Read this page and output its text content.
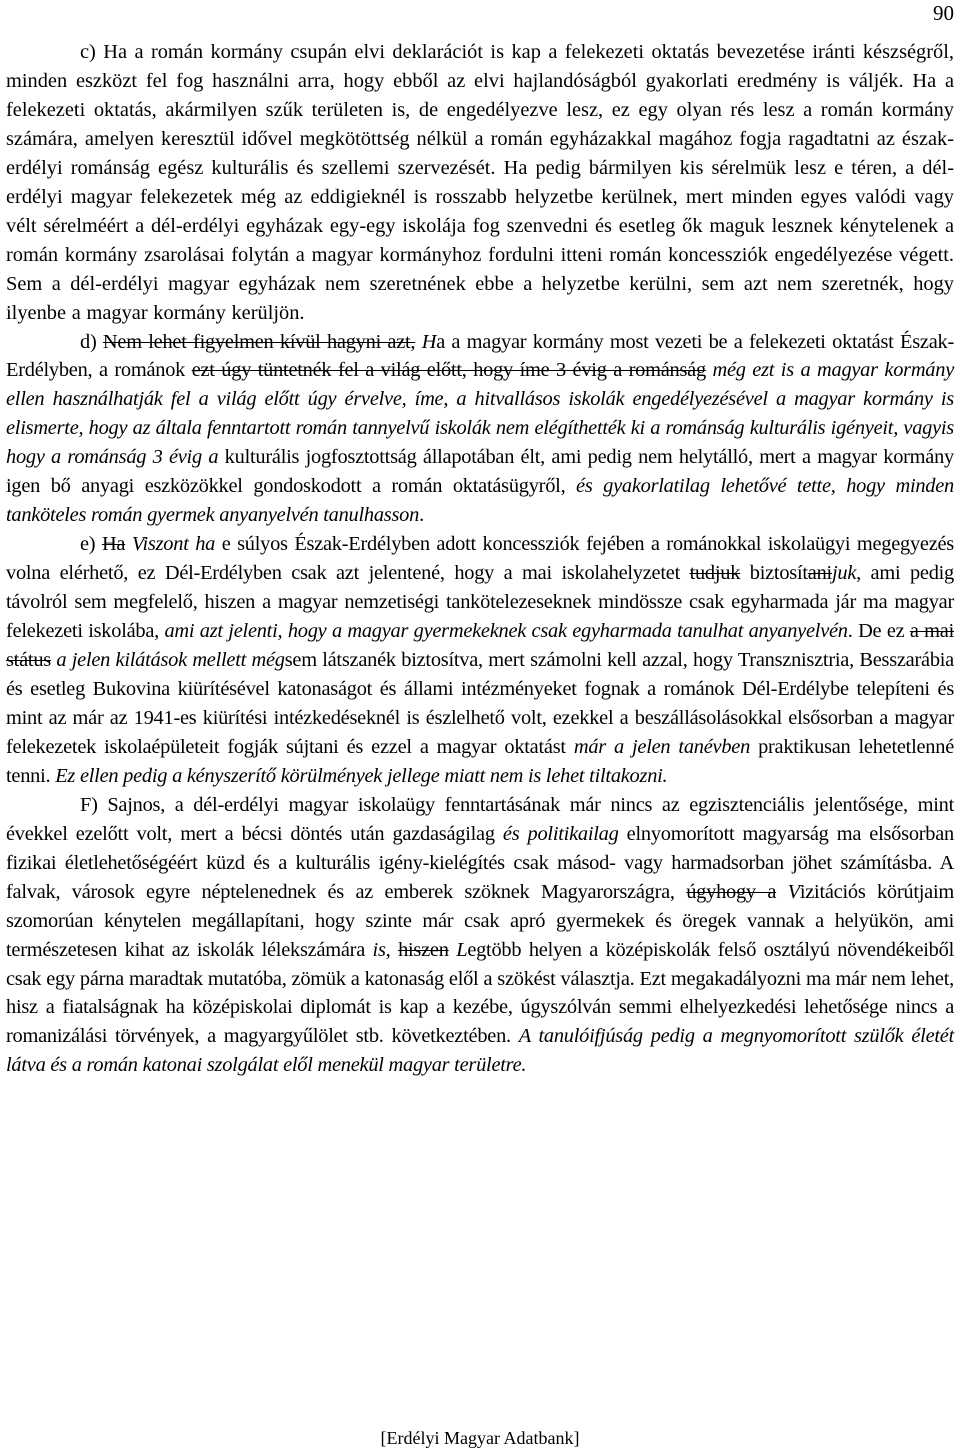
90

c) Ha a román kormány csupán elvi deklarációt is kap a felekezeti oktatás bevezetése iránti készségről, minden eszközt fel fog használni arra, hogy ebből az elvi hajlandóságból gyakorlati eredmény is váljék. Ha a felekezeti oktatás, akármilyen szűk területen is, de engedélyezve lesz, ez egy olyan rés lesz a román kormány számára, amelyen keresztül idővel megkötöttség nélkül a román egyházakkal magához fogja ragadtatni az észak-erdélyi románság egész kulturális és szellemi szervezését. Ha pedig bármilyen kis sérelmük lesz e téren, a dél-erdélyi magyar felekezetek még az eddigieknél is rosszabb helyzetbe kerülnek, mert minden egyes valódi vagy vélt sérelméért a dél-erdélyi egyházak egy-egy iskolája fog szenvedni és esetleg ők maguk lesznek kénytelenek a román kormány zsarolásai folytán a magyar kormányhoz fordulni itteni román koncessziók engedélyezése végett. Sem a dél-erdélyi magyar egyházak nem szeretnének ebbe a helyzetbe kerülni, sem azt nem szeretnék, hogy ilyenbe a magyar kormány kerüljön.

d) Nem lehet figyelmen kívül hagyni azt, Ha a magyar kormány most vezeti be a felekezeti oktatást Észak-Erdélyben, a románok ezt úgy tüntetnék fel a világ előtt, hogy íme 3 évig a románság még ezt is a magyar kormány ellen használhatják fel a világ előtt úgy érvelve, íme, a hitvallásos iskolák engedélyezésével a magyar kormány is elismerte, hogy az általa fenntartott román tannyelvű iskolák nem elégíthették ki a románság kulturális igényeit, vagyis hogy a románság 3 évig a kulturális jogfosztottság állapotában élt, ami pedig nem helytálló, mert a magyar kormány igen bő anyagi eszközökkel gondoskodott a román oktatásügyről, és gyakorlatilag lehetővé tette, hogy minden tanköteles román gyermek anyanyelvén tanulhasson.

e) Ha Viszont ha e súlyos Észak-Erdélyben adott koncessziók fejében a románokkal iskolaügyi megegyezés volna elérhető, ez Dél-Erdélyben csak azt jelentené, hogy a mai iskolahelyzetet tudjuk biztosítanijuk, ami pedig távolról sem megfelelő, hiszen a magyar nemzetiségi tankötelezeseknek mindössze csak egyharmada jár ma magyar felekezeti iskolába, ami azt jelenti, hogy a magyar gyermekeknek csak egyharmada tanulhat anyanyelvén. De ez a mai státus a jelen kilátások mellett mégsem látszanék biztosítva, mert számolni kell azzal, hogy Transznisztria, Besszarábia és esetleg Bukovina kiürítésével katonaságot és állami intézményeket fognak a románok Dél-Erdélybe telepíteni és mint az már az 1941-es kiürítési intézkedéseknél is észlelhető volt, ezekkel a beszállásolásokkal elsősorban a magyar felekezetek iskolaépületeit fogják sújtani és ezzel a magyar oktatást már a jelen tanévben praktikusan lehetetlenné tenni. Ez ellen pedig a kényszerítő körülmények jellege miatt nem is lehet tiltakozni.

F) Sajnos, a dél-erdélyi magyar iskolaügy fenntartásának már nincs az egzisztenciális jelentősége, mint évekkel ezelőtt volt, mert a bécsi döntés után gazdaságilag és politikailag elnyomorított magyarság ma elsősorban fizikai életlehetőségéért küzd és a kulturális igény-kielégítés csak másod- vagy harmadsorban jöhet számításba. A falvak, városok egyre néptelenednek és az emberek szöknek Magyarországra, úgyhogy a Vizitációs körútjaim szomorúan kénytelen megállapítani, hogy szinte már csak apró gyermekek és öregek vannak a helyükön, ami természetesen kihat az iskolák lélekszámára is, hiszen Legtöbb helyen a középiskolák felső osztályú növendékeiből csak egy párna maradtak mutatóba, zömük a katonaság elől a szökést választja. Ezt megakadályozni ma már nem lehet, hisz a fiatalságnak ha középiskolai diplomát is kap a kezébe, úgyszólván semmi elhelyezkedési lehetősége nincs a romanizálási törvények, a magyargyűlölet stb. következtében. A tanulóifjúság pedig a megnyomorított szülők életét látva és a román katonai szolgálat elől menekül magyar területre.

[Erdélyi Magyar Adatbank]
